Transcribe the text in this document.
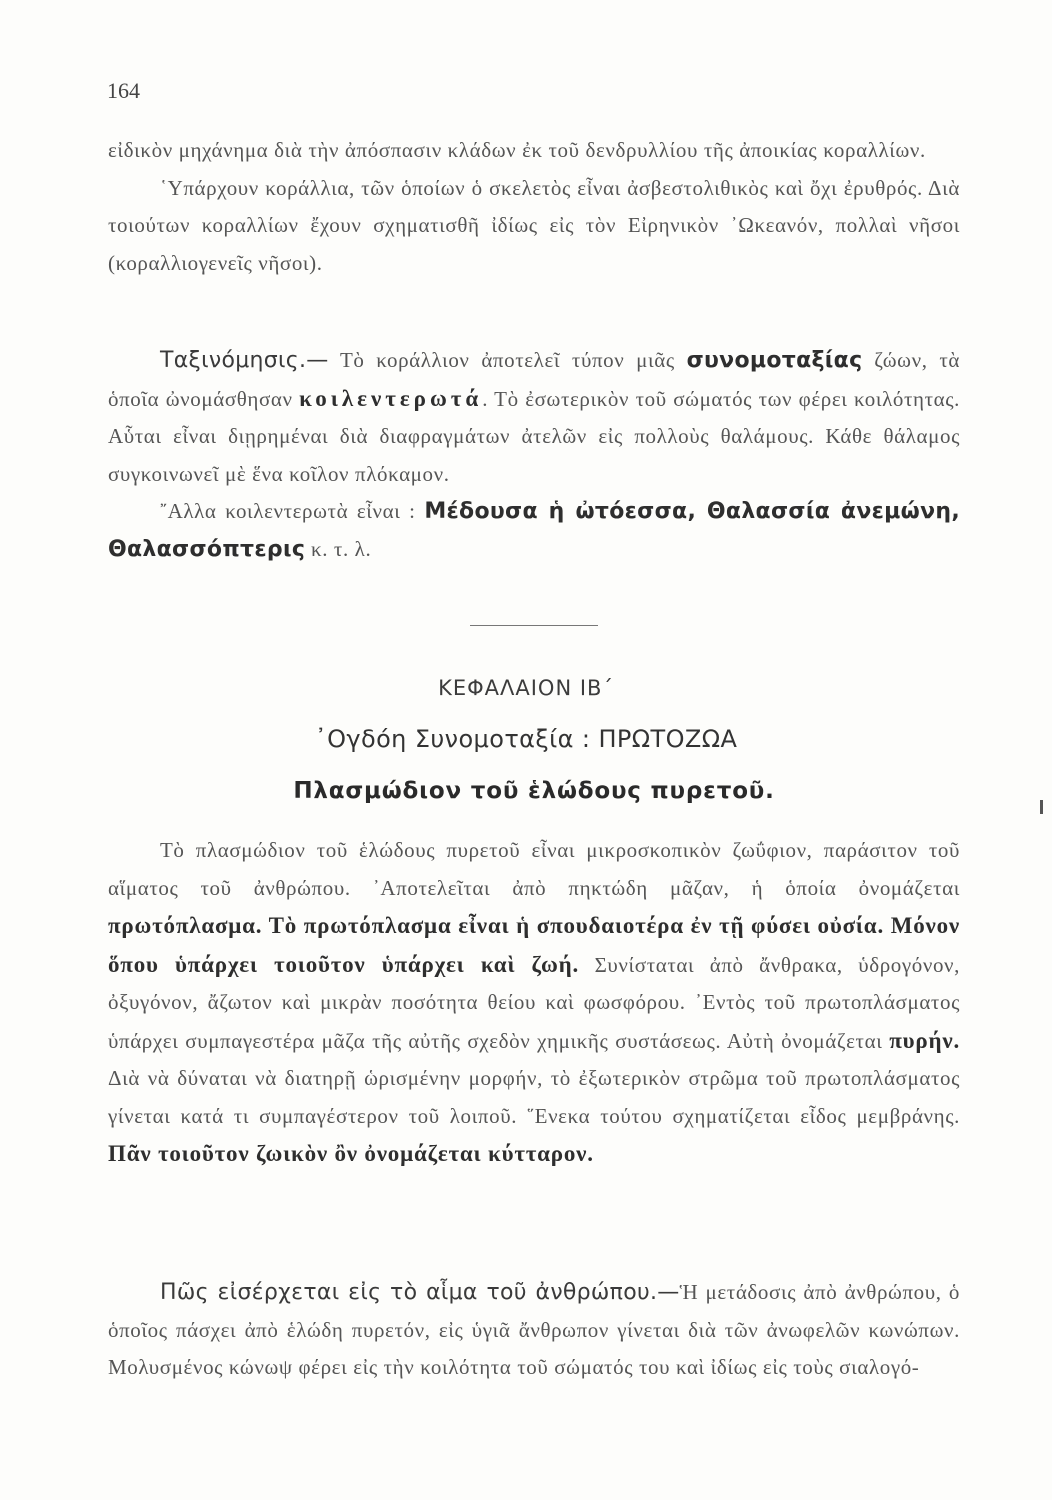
164

εἰδικὸν μηχάνημα διὰ τὴν ἀπόσπασιν κλάδων ἐκ τοῦ δενδρυλλίου τῆς ἀποικίας κοραλλίων.

῾Υπάρχουν κοράλλια, τῶν ὁποίων ὁ σκελετὸς εἶναι ἀσβεστολιθικὸς καὶ ὄχι ἐρυθρός. Διὰ τοιούτων κοραλλίων ἔχουν σχηματισθῆ ἰδίως εἰς τὸν Εἰρηνικὸν ᾿Ωκεανόν, πολλαὶ νῆσοι (κοραλλιογενεῖς νῆσοι).

Ταξινόμησις.— Τὸ κοράλλιον ἀποτελεῖ τύπον μιᾶς συνομοταξίας ζώων, τὰ ὁποῖα ὠνομάσθησαν κοιλεντερωτά. Τὸ ἐσωτερικὸν τοῦ σώματός των φέρει κοιλότητας. Αὗται εἶναι διῃρημέναι διὰ διαφραγμάτων ἀτελῶν εἰς πολλοὺς θαλάμους. Κάθε θάλαμος συγκοινωνεῖ μὲ ἕνα κοῖλον πλόκαμον.

῎Αλλα κοιλεντερωτὰ εἶναι : Μέδουσα ἡ ὠτόεσσα, Θαλασσία ἀνεμώνη, Θαλασσόπτερις κ. τ. λ.

ΚΕΦΑΛΑΙΟΝ ΙΒ΄
᾿Ογδόη Συνομοταξία : ΠΡΩΤΟΖΩΑ
Πλασμώδιον τοῦ ἑλώδους πυρετοῦ.

Τὸ πλασμώδιον τοῦ ἑλώδους πυρετοῦ εἶναι μικροσκοπικὸν ζωΰφιον, παράσιτον τοῦ αἵματος τοῦ ἀνθρώπου. ᾿Αποτελεῖται ἀπὸ πηκτώδη μᾶζαν, ἡ ὁποία ὀνομάζεται πρωτόπλασμα. Τὸ πρωτόπλασμα εἶναι ἡ σπουδαιοτέρα ἐν τῇ φύσει οὐσία. Μόνον ὅπου ὑπάρχει τοιοῦτον ὑπάρχει καὶ ζωή. Συνίσταται ἀπὸ ἄνθρακα, ὑδρογόνον, ὀξυγόνον, ἄζωτον καὶ μικρὰν ποσότητα θείου καὶ φωσφόρου. ᾿Εντὸς τοῦ πρωτοπλάσματος ὑπάρχει συμπαγεστέρα μᾶζα τῆς αὐτῆς σχεδὸν χημικῆς συστάσεως. Αὐτὴ ὀνομάζεται πυρήν. Διὰ νὰ δύναται νὰ διατηρῇ ὡρισμένην μορφήν, τὸ ἐξωτερικὸν στρῶμα τοῦ πρωτοπλάσματος γίνεται κατά τι συμπαγέστερον τοῦ λοιποῦ. ῞Ενεκα τούτου σχηματίζεται εἶδος μεμβράνης. Πᾶν τοιοῦτον ζωικὸν ὂν ὀνομάζεται κύτταρον.

Πῶς εἰσέρχεται εἰς τὸ αἷμα τοῦ ἀνθρώπου.—Ἡ μετάδοσις ἀπὸ ἀνθρώπου, ὁ ὁποῖος πάσχει ἀπὸ ἑλώδη πυρετόν, εἰς ὑγιᾶ ἄνθρωπον γίνεται διὰ τῶν ἀνωφελῶν κωνώπων. Μολυσμένος κώνωψ φέρει εἰς τὴν κοιλότητα τοῦ σώματός του καὶ ἰδίως εἰς τοὺς σιαλογό-
